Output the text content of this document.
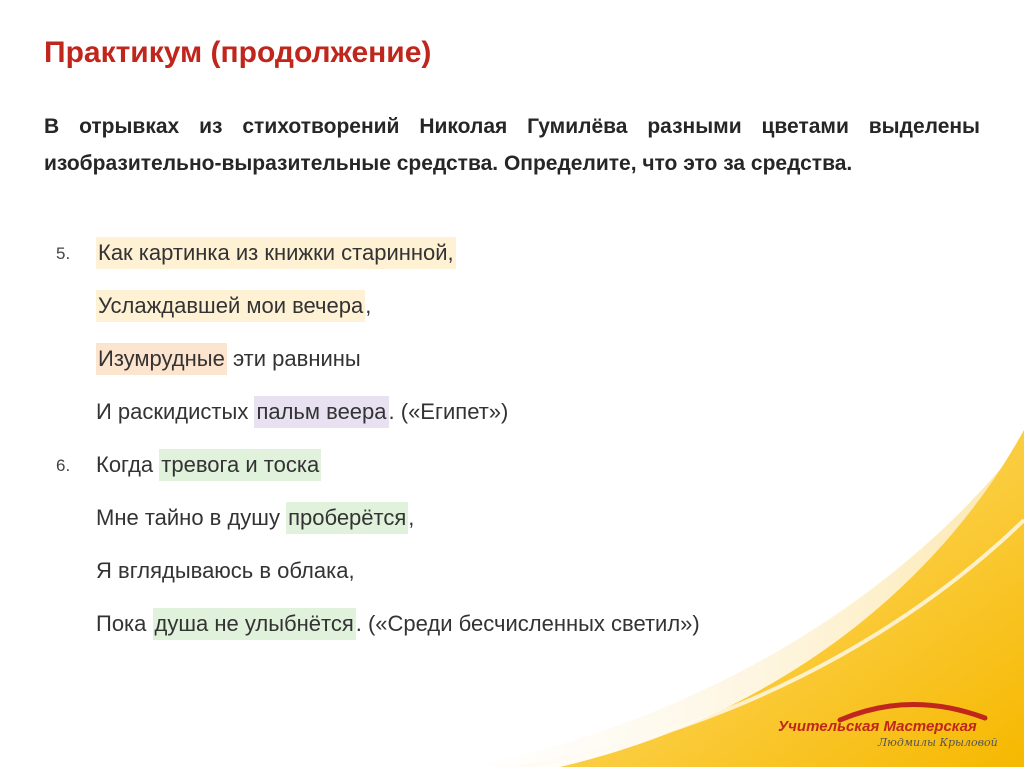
Практикум (продолжение)

В отрывках из стихотворений Николая Гумилёва разными цветами выделены изобразительно-выразительные средства. Определите, что это за средства.

5. Как картинка из книжки старинной,
Услаждавшей мои вечера,
Изумрудные эти равнины
И раскидистых пальм веера. («Египет»)
6. Когда тревога и тоска
Мне тайно в душу проберётся,
Я вглядываюсь в облака,
Пока душа не улыбнётся. («Среди бесчисленных светил»)
Учительская Мастерская
Людмилы Крыловой
